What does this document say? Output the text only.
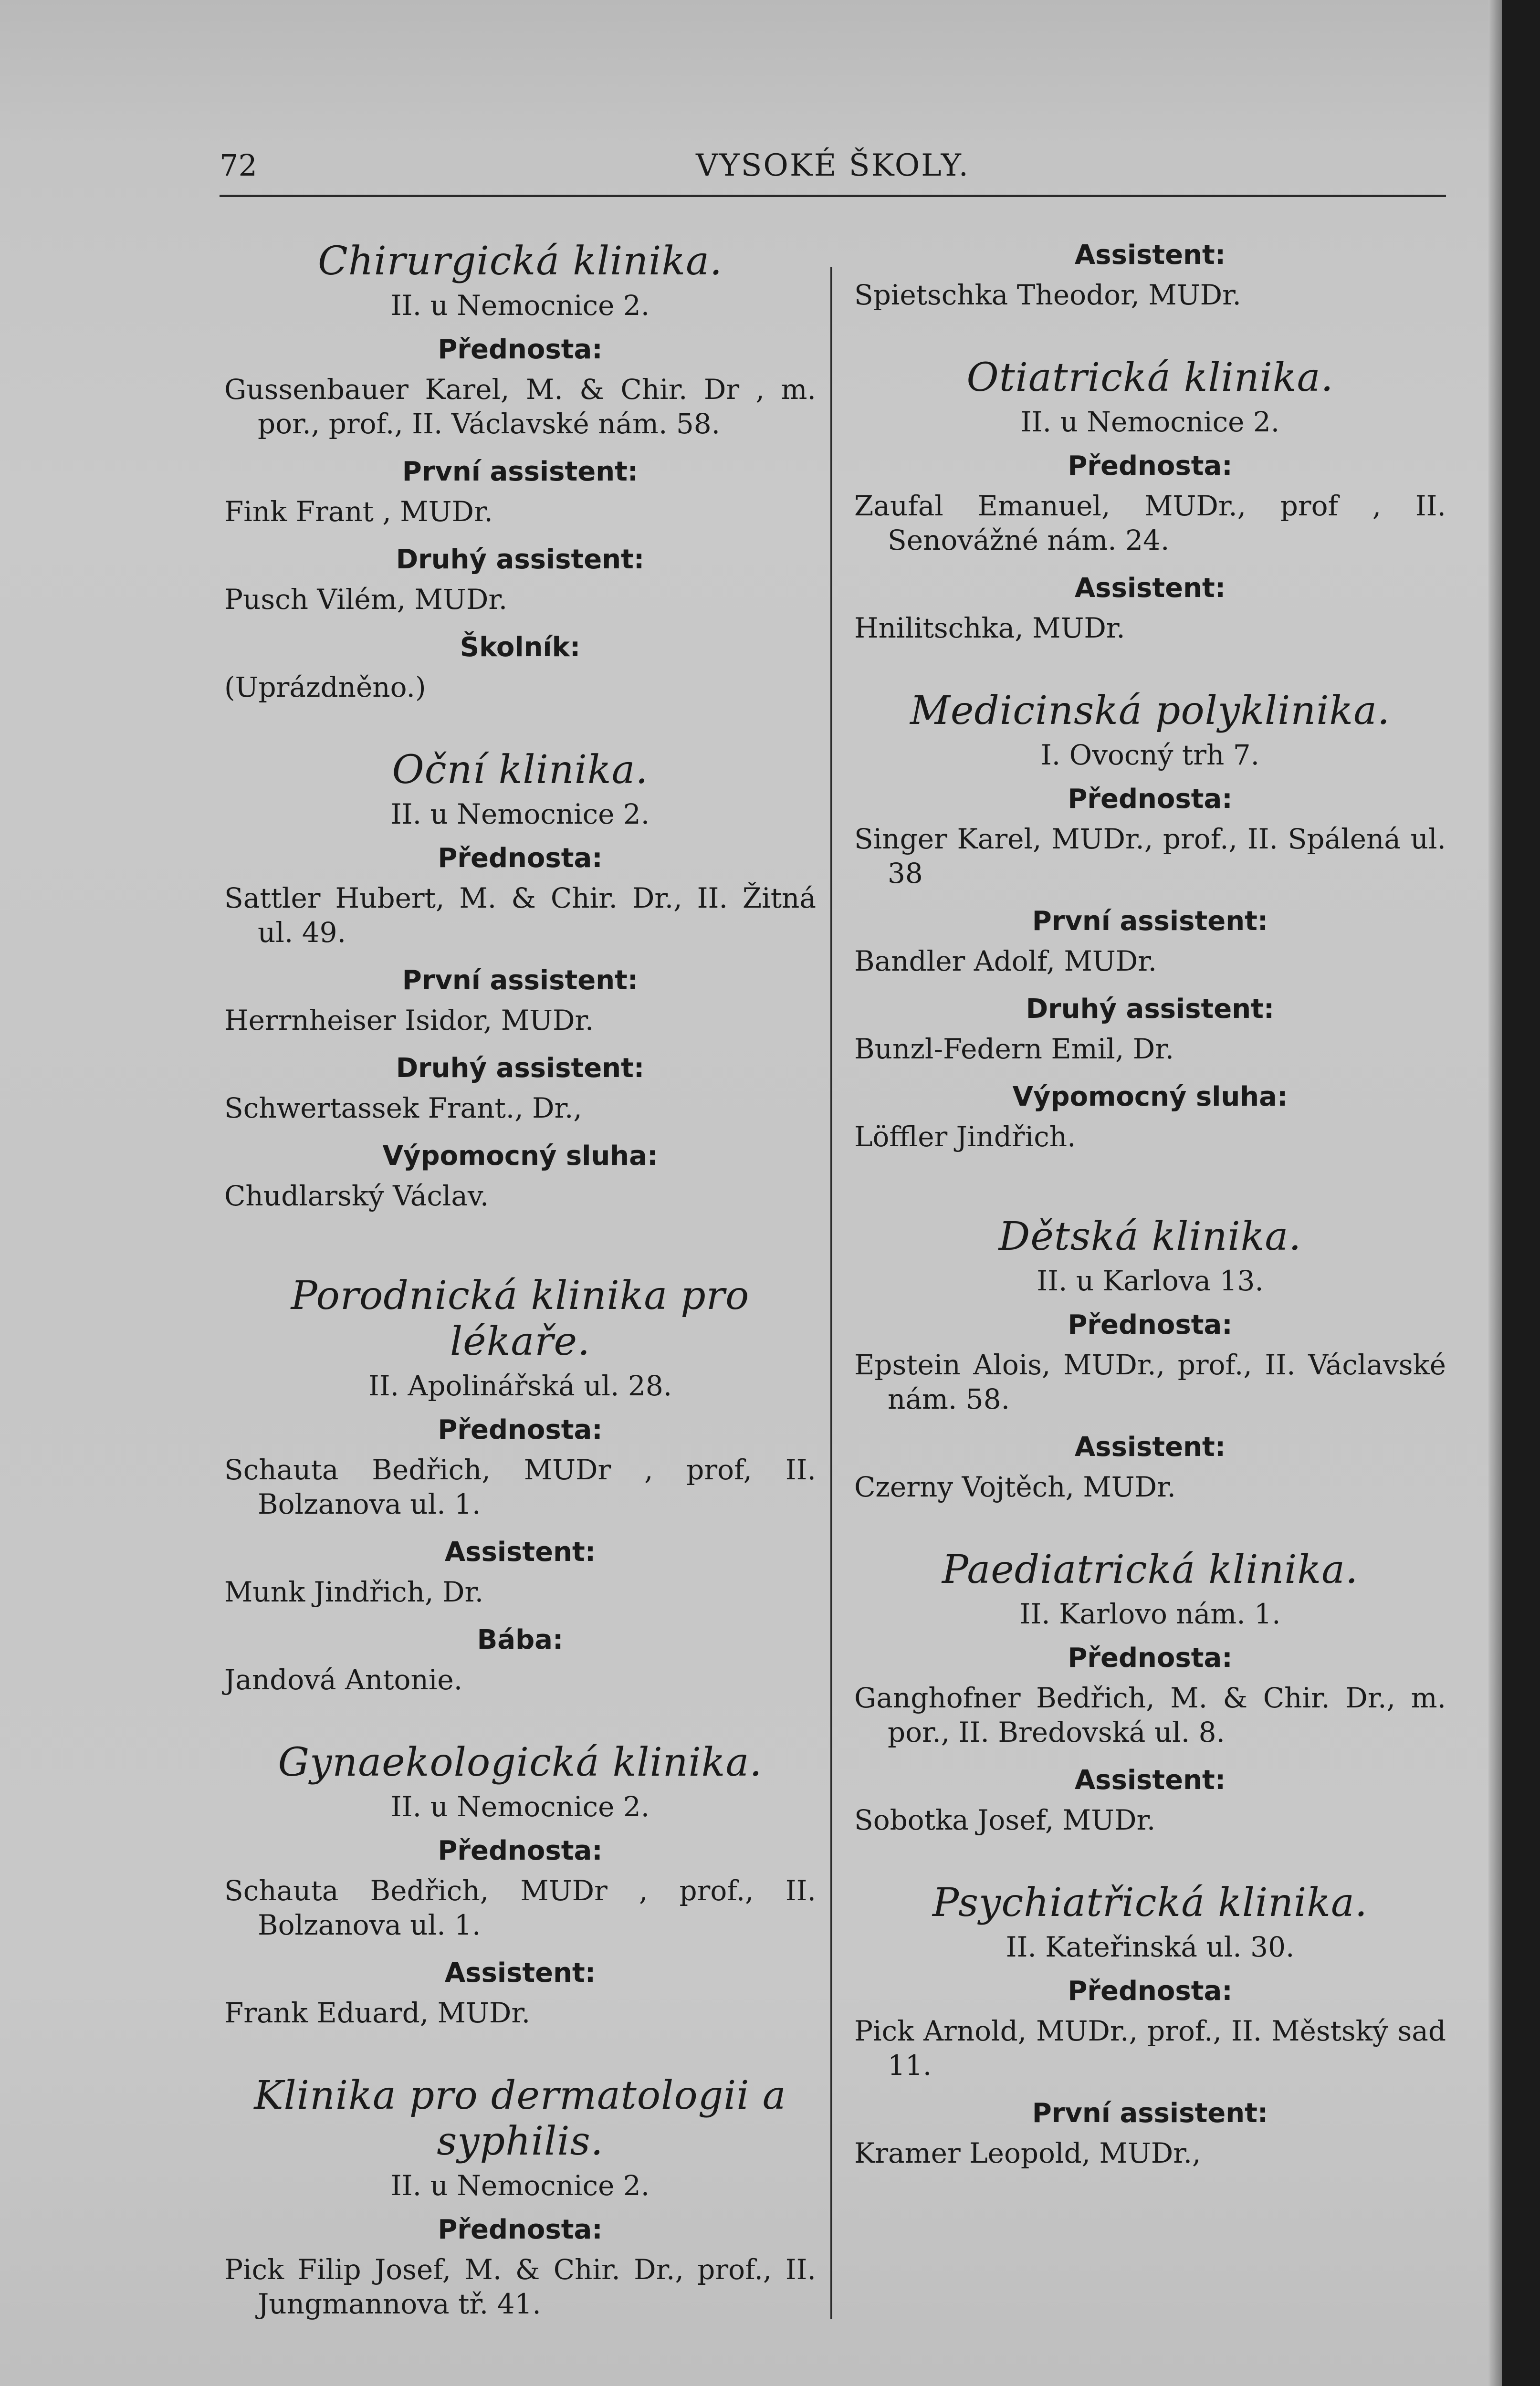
72	VYSOKÉ ŠKOLY.
Chirurgická klinika.
II. u Nemocnice 2.
Přednosta:
Gussenbauer Karel, M. & Chir. Dr , m. por., prof., II. Václavské nám. 58.
První assistent:
Fink Frant , MUDr.
Druhý assistent:
Pusch Vilém, MUDr.
Školník:
(Uprázdněno.)
Oční klinika.
II. u Nemocnice 2.
Přednosta:
Sattler Hubert, M. & Chir. Dr., II. Žitná ul. 49.
První assistent:
Herrnheiser Isidor, MUDr.
Druhý assistent:
Schwertassek Frant., Dr.,
Výpomocný sluha:
Chudlarský Václav.
Porodnická klinika pro lékaře.
II. Apolinářská ul. 28.
Přednosta:
Schauta Bedřich, MUDr , prof, II. Bolzanova ul. 1.
Assistent:
Munk Jindřich, Dr.
Bába:
Jandová Antonie.
Gynaekologická klinika.
II. u Nemocnice 2.
Přednosta:
Schauta Bedřich, MUDr , prof., II. Bolzanova ul. 1.
Assistent:
Frank Eduard, MUDr.
Klinika pro dermatologii a syphilis.
II. u Nemocnice 2.
Přednosta:
Pick Filip Josef, M. & Chir. Dr., prof., II. Jungmannova tř. 41.
Assistent:
Spietschka Theodor, MUDr.
Otiatrická klinika.
II. u Nemocnice 2.
Přednosta:
Zaufal Emanuel, MUDr., prof , II. Senovážné nám. 24.
Assistent:
Hnilitschka, MUDr.
Medicinská polyklinika.
I. Ovocný trh 7.
Přednosta:
Singer Karel, MUDr., prof., II. Spálená ul. 38
První assistent:
Bandler Adolf, MUDr.
Druhý assistent:
Bunzl-Federn Emil, Dr.
Výpomocný sluha:
Löffler Jindřich.
Dětská klinika.
II. u Karlova 13.
Přednosta:
Epstein Alois, MUDr., prof., II. Václavské nám. 58.
Assistent:
Czerny Vojtěch, MUDr.
Paediatrická klinika.
II. Karlovo nám. 1.
Přednosta:
Ganghofner Bedřich, M. & Chir. Dr., m. por., II. Bredovská ul. 8.
Assistent:
Sobotka Josef, MUDr.
Psychiatřická klinika.
II. Kateřinská ul. 30.
Přednosta:
Pick Arnold, MUDr., prof., II. Městský sad 11.
První assistent:
Kramer Leopold, MUDr.,
